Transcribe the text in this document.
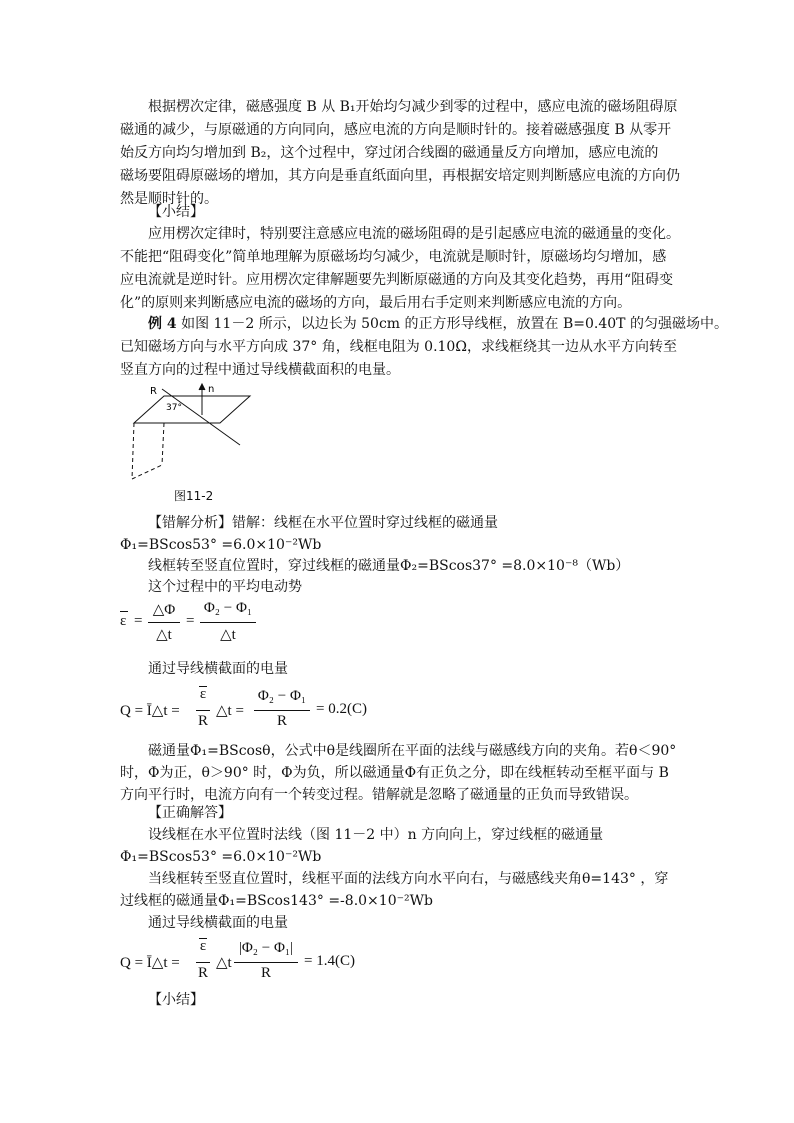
根据楞次定律，磁感强度 B 从 B₁开始均匀减少到零的过程中，感应电流的磁场阻碍原
磁通的减少，与原磁通的方向同向，感应电流的方向是顺时针的。接着磁感强度 B 从零开
始反方向均匀增加到 B₂，这个过程中，穿过闭合线圈的磁通量反方向增加，感应电流的
磁场要阻碍原磁场的增加，其方向是垂直纸面向里，再根据安培定则判断感应电流的方向仍
然是顺时针的。
【小结】
应用楞次定律时，特别要注意感应电流的磁场阻碍的是引起感应电流的磁通量的变化。
不能把“阻碍变化”简单地理解为原磁场均匀减少，电流就是顺时针，原磁场均匀增加，感
应电流就是逆时针。应用楞次定律解题要先判断原磁通的方向及其变化趋势，再用“阻碍变
化”的原则来判断感应电流的磁场的方向，最后用右手定则来判断感应电流的方向。
例 4 如图 11－2 所示，以边长为 50cm 的正方形导线框，放置在 B=0.40T 的匀强磁场中。
已知磁场方向与水平方向成 37° 角，线框电阻为 0.10Ω，求线框绕其一边从水平方向转至
竖直方向的过程中通过导线横截面积的电量。
R	n
37°
图11-2
【错解分析】错解：线框在水平位置时穿过线框的磁通量
Φ₁=BScos53° =6.0×10⁻²Wb
线框转至竖直位置时，穿过线框的磁通量Φ₂=BScos37° =8.0×10⁻⁸（Wb）
这个过程中的平均电动势
ε =
△Φ
△t
=
Φ₂ − Φ₁
△t
通过导线横截面的电量
Q = Ī△t =
ε
R
△t =
Φ₂ − Φ₁
R
= 0.2(C)
磁通量Φ₁=BScosθ，公式中θ是线圈所在平面的法线与磁感线方向的夹角。若θ＜90°
时，Φ为正，θ＞90° 时，Φ为负，所以磁通量Φ有正负之分，即在线框转动至框平面与 B
方向平行时，电流方向有一个转变过程。错解就是忽略了磁通量的正负而导致错误。
【正确解答】
设线框在水平位置时法线（图 11－2 中）n 方向向上，穿过线框的磁通量
Φ₁=BScos53° =6.0×10⁻²Wb
当线框转至竖直位置时，线框平面的法线方向水平向右，与磁感线夹角θ=143° ，穿
过线框的磁通量Φ₁=BScos143° =-8.0×10⁻²Wb
通过导线横截面的电量
Q = Ī△t =
ε
R
△t
|Φ₂ − Φ₁|
R
= 1.4(C)
【小结】
